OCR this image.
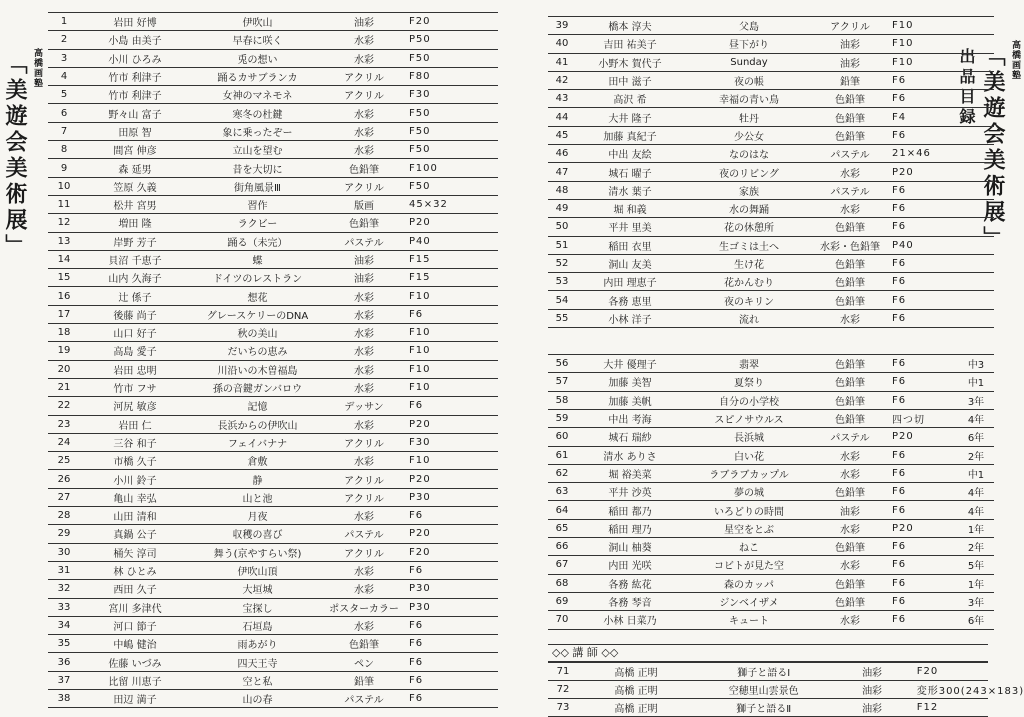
高橋画塾
「美遊会美術展」	高橋画塾
「美遊会美術展」
出品目録
1	岩田 好博	伊吹山	油彩	F20
2	小島 由美子	早春に咲く	水彩	P50
3	小川 ひろみ	兎の想い	水彩	F50
4	竹市 利津子	踊るカサブランカ	アクリル	F80
5	竹市 利津子	女神のマネモネ	アクリル	F30
6	野々山 富子	寒冬の杜鍵	水彩	F50
7	田原 智	象に乗ったぞー	水彩	F50
8	間宮 伸彦	立山を望む	水彩	F50
9	森 延男	昔を大切に	色鉛筆	F100
10	笠原 久義	街角風景Ⅲ	アクリル	F50
11	松井 宮男	習作	版画	45×32
12	増田 隆	ラクビー	色鉛筆	P20
13	岸野 芳子	踊る（未完）	パステル	P40
14	貝沼 千恵子	蝶	油彩	F15
15	山内 久海子	ドイツのレストラン	油彩	F15
16	辻 係子	想花	水彩	F10
17	後藤 尚子	グレースケリーのDNA	水彩	F6
18	山口 好子	秋の美山	水彩	F10
19	高島 愛子	だいちの恵み	水彩	F10
20	岩田 忠明	川沿いの木曽福島	水彩	F10
21	竹市 フサ	孫の音鍵ガンバロウ	水彩	F10
22	河尻 敏彦	記憶	デッサン	F6
23	岩田 仁	長浜からの伊吹山	水彩	P20
24	三谷 和子	フェイバナナ	アクリル	F30
25	市橋 久子	倉敷	水彩	F10
26	小川 鈴子	静	アクリル	P20
27	亀山 幸弘	山と池	アクリル	P30
28	山田 清和	月夜	水彩	F6
29	真鍋 公子	収穫の喜び	パステル	P20
30	桶矢 淳司	舞う(京やすらい祭)	アクリル	F20
31	林 ひとみ	伊吹山頂	水彩	F6
32	西田 久子	大垣城	水彩	P30
33	宮川 多津代	宝探し	ポスターカラー	P30
34	河口 節子	石垣島	水彩	F6
35	中嶋 健治	雨あがり	色鉛筆	F6
36	佐藤 いづみ	四天王寺	ペン	F6
37	比留 川恵子	空と私	鉛筆	F6
38	田辺 満子	山の春	パステル	F6
39	橋本 淳夫	父島	アクリル	F10	
40	吉田 祐美子	昼下がり	油彩	F10	
41	小野木 賀代子	Sunday	油彩	F10	
42	田中 滋子	夜の帳	鉛筆	F6	
43	高沢 希	幸福の青い鳥	色鉛筆	F6	
44	大井 隆子	牡丹	色鉛筆	F4	
45	加藤 真紀子	少公女	色鉛筆	F6	
46	中出 友絵	なのはな	パステル	21×46	
47	城石 曜子	夜のリビング	水彩	P20	
48	清水 葉子	家族	パステル	F6	
49	堀 和義	水の舞踊	水彩	F6	
50	平井 里美	花の休憩所	色鉛筆	F6	
51	稲田 衣里	生ゴミは土へ	水彩・色鉛筆	P40	
52	洞山 友美	生け花	色鉛筆	F6	
53	内田 理恵子	花かんむり	色鉛筆	F6	
54	各務 恵里	夜のキリン	色鉛筆	F6	
55	小林 洋子	流れ	水彩	F6	
56	大井 優理子	翡翠	色鉛筆	F6	中3
57	加藤 美智	夏祭り	色鉛筆	F6	中1
58	加藤 美帆	自分の小学校	色鉛筆	F6	3年
59	中出 考海	スピノサウルス	色鉛筆	四つ切	4年
60	城石 瑞紗	長浜城	パステル	P20	6年
61	清水 ありさ	白い花	水彩	F6	2年
62	堀 裕美菜	ラブラブカップル	水彩	F6	中1
63	平井 沙英	夢の城	色鉛筆	F6	4年
64	稲田 都乃	いろどりの時間	油彩	F6	4年
65	稲田 理乃	星空をとぶ	水彩	P20	1年
66	洞山 柚葵	ねこ	色鉛筆	F6	2年
67	内田 光咲	コビトが見た空	水彩	F6	5年
68	各務 紘花	森のカッパ	色鉛筆	F6	1年
69	各務 琴音	ジンベイザメ	色鉛筆	F6	3年
70	小林 日菜乃	キュート	水彩	F6	6年
◇◇ 講 師 ◇◇
71	高橋 正明	獅子と語るⅠ	油彩	F20
72	高橋 正明	空穂里山雲景色	油彩	変形300(243×183)
73	高橋 正明	獅子と語るⅡ	油彩	F12
